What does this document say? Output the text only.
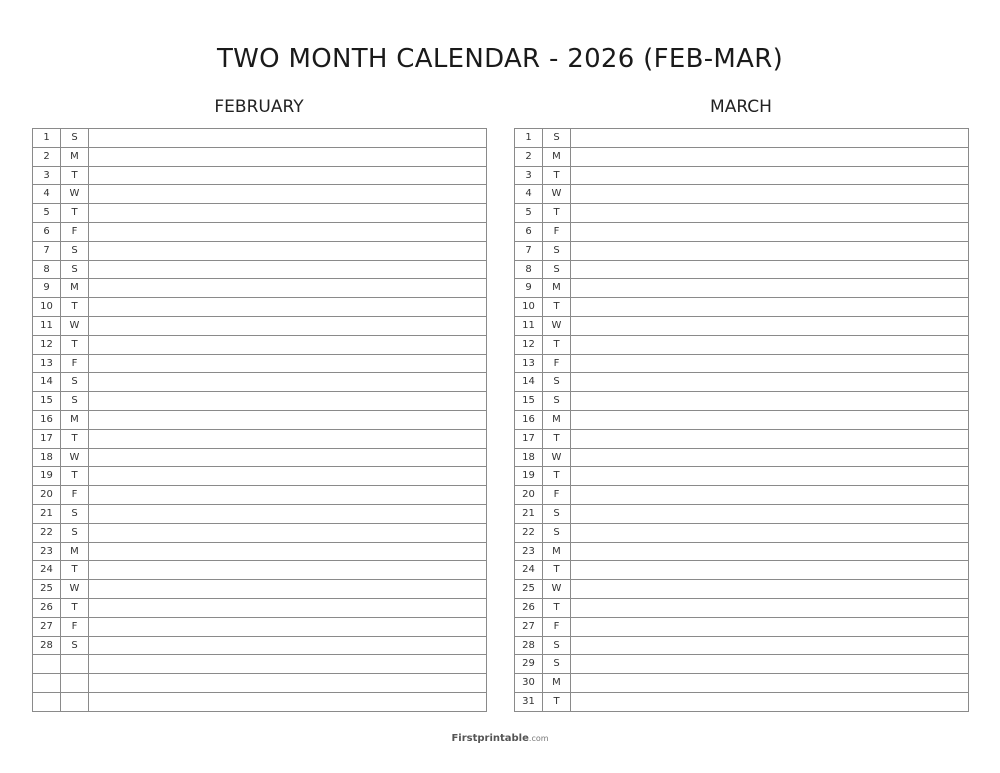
TWO MONTH CALENDAR - 2026 (FEB-MAR)
FEBRUARY	MARCH
1	S	
2	M	
3	T	
4	W	
5	T	
6	F	
7	S	
8	S	
9	M	
10	T	
11	W	
12	T	
13	F	
14	S	
15	S	
16	M	
17	T	
18	W	
19	T	
20	F	
21	S	
22	S	
23	M	
24	T	
25	W	
26	T	
27	F	
28	S	

1	S	
2	M	
3	T	
4	W	
5	T	
6	F	
7	S	
8	S	
9	M	
10	T	
11	W	
12	T	
13	F	
14	S	
15	S	
16	M	
17	T	
18	W	
19	T	
20	F	
21	S	
22	S	
23	M	
24	T	
25	W	
26	T	
27	F	
28	S	
29	S	
30	M	
31	T	
Firstprintable.com
